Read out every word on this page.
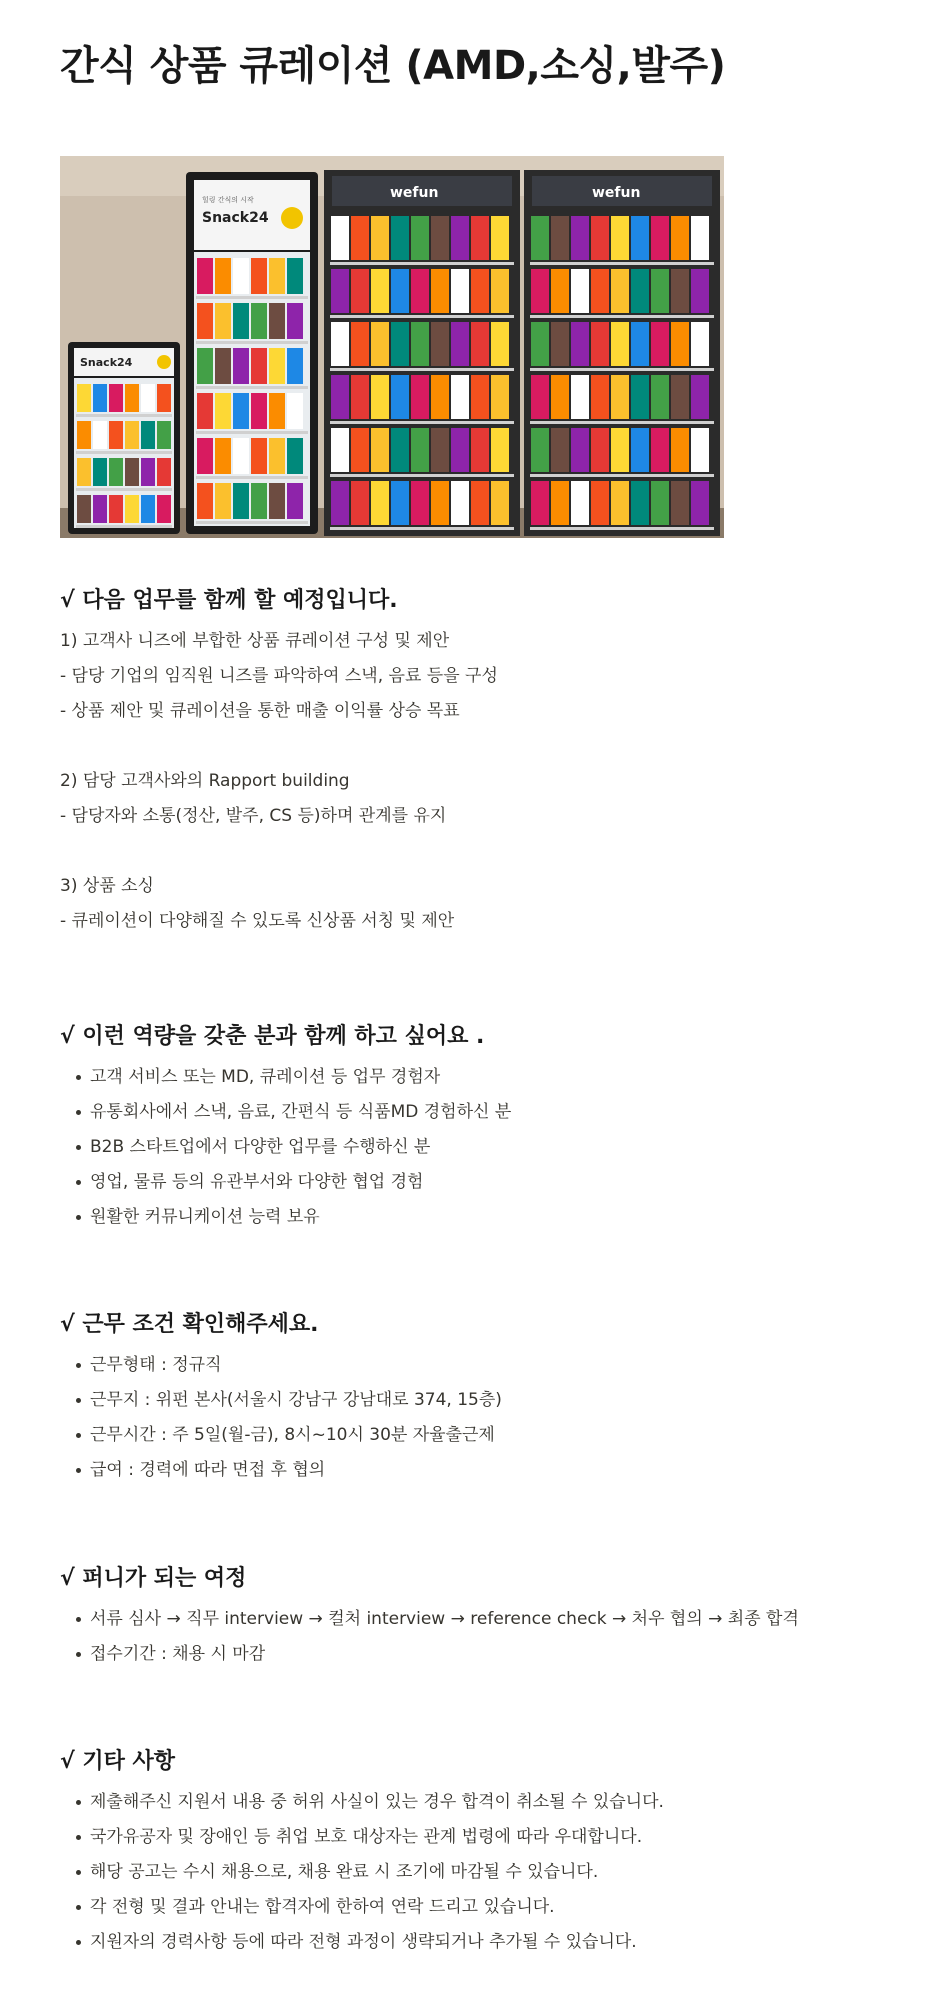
간식 상품 큐레이션 (AMD,소싱,발주)
Snack24
힐링 간식의 시작
Snack24
wefun	wefun
√ 다음 업무를 함께 할 예정입니다.
1) 고객사 니즈에 부합한 상품 큐레이션 구성 및 제안
- 담당 기업의 임직원 니즈를 파악하여 스낵, 음료 등을 구성
- 상품 제안 및 큐레이션을 통한 매출 이익률 상승 목표
2) 담당 고객사와의 Rapport building
- 담당자와 소통(정산, 발주, CS 등)하며 관계를 유지
3) 상품 소싱
- 큐레이션이 다양해질 수 있도록 신상품 서칭 및 제안
√ 이런 역량을 갖춘 분과 함께 하고 싶어요 .
고객 서비스 또는 MD, 큐레이션 등 업무 경험자
유통회사에서 스낵, 음료, 간편식 등 식품MD 경험하신 분
B2B 스타트업에서 다양한 업무를 수행하신 분
영업, 물류 등의 유관부서와 다양한 협업 경험
원활한 커뮤니케이션 능력 보유
√ 근무 조건 확인해주세요.
근무형태 : 정규직
근무지 : 위펀 본사(서울시 강남구 강남대로 374, 15층)
근무시간 : 주 5일(월-금), 8시~10시 30분 자율출근제
급여 : 경력에 따라 면접 후 협의
√ 퍼니가 되는 여정
서류 심사 → 직무 interview → 컬처 interview → reference check → 처우 협의 → 최종 합격
접수기간 : 채용 시 마감
√ 기타 사항
제출해주신 지원서 내용 중 허위 사실이 있는 경우 합격이 취소될 수 있습니다.
국가유공자 및 장애인 등 취업 보호 대상자는 관계 법령에 따라 우대합니다.
해당 공고는 수시 채용으로, 채용 완료 시 조기에 마감될 수 있습니다.
각 전형 및 결과 안내는 합격자에 한하여 연락 드리고 있습니다.
지원자의 경력사항 등에 따라 전형 과정이 생략되거나 추가될 수 있습니다.
